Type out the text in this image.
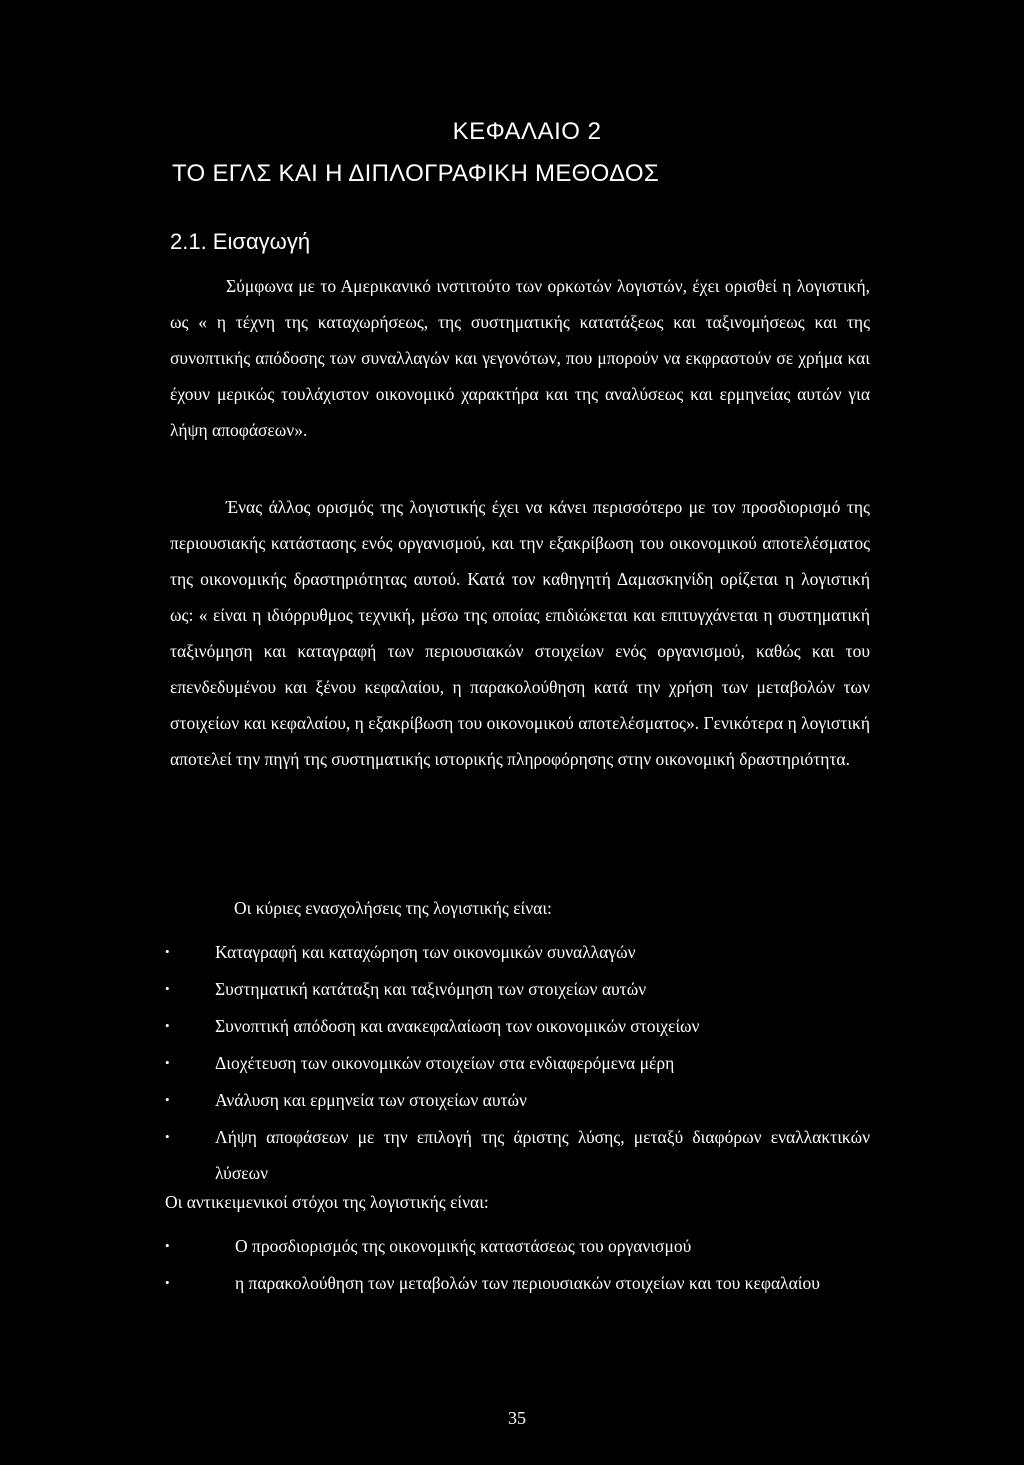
ΚΕΦΑΛΑΙΟ 2
ΤΟ ΕΓΛΣ ΚΑΙ Η ΔΙΠΛΟΓΡΑΦΙΚΗ ΜΕΘΟΔΟΣ
2.1. Εισαγωγή
Σύμφωνα με το Αμερικανικό ινστιτούτο των ορκωτών λογιστών, έχει ορισθεί η λογιστική, ως « η τέχνη της καταχωρήσεως, της συστηματικής κατατάξεως και ταξινομήσεως και της συνοπτικής απόδοσης των συναλλαγών και γεγονότων, που μπορούν να εκφραστούν σε χρήμα και έχουν μερικώς τουλάχιστον οικονομικό χαρακτήρα και της αναλύσεως και ερμηνείας αυτών για λήψη αποφάσεων».
Ένας άλλος ορισμός της λογιστικής έχει να κάνει περισσότερο με τον προσδιορισμό της περιουσιακής κατάστασης ενός οργανισμού, και την εξακρίβωση του οικονομικού αποτελέσματος της οικονομικής δραστηριότητας αυτού. Κατά τον καθηγητή Δαμασκηνίδη ορίζεται η λογιστική ως: « είναι η ιδιόρρυθμος τεχνική, μέσω της οποίας επιδιώκεται και επιτυγχάνεται η συστηματική ταξινόμηση και καταγραφή των περιουσιακών στοιχείων ενός οργανισμού, καθώς και του επενδεδυμένου και ξένου κεφαλαίου, η παρακολούθηση κατά την χρήση των μεταβολών των στοιχείων και κεφαλαίου, η εξακρίβωση του οικονομικού αποτελέσματος». Γενικότερα η λογιστική αποτελεί την πηγή της συστηματικής ιστορικής πληροφόρησης στην οικονομική δραστηριότητα.
Οι κύριες ενασχολήσεις της λογιστικής είναι:
•	Καταγραφή και καταχώρηση των οικονομικών συναλλαγών
•	Συστηματική κατάταξη και ταξινόμηση των στοιχείων αυτών
•	Συνοπτική απόδοση και ανακεφαλαίωση των οικονομικών στοιχείων
•	Διοχέτευση των οικονομικών στοιχείων στα ενδιαφερόμενα μέρη
•	Ανάλυση και ερμηνεία των στοιχείων αυτών
•	Λήψη αποφάσεων με την επιλογή της άριστης λύσης, μεταξύ διαφόρων εναλλακτικών λύσεων
Οι αντικειμενικοί στόχοι της λογιστικής είναι:
•	Ο προσδιορισμός της οικονομικής καταστάσεως του οργανισμού
•	η παρακολούθηση των μεταβολών των περιουσιακών στοιχείων και του κεφαλαίου
35
